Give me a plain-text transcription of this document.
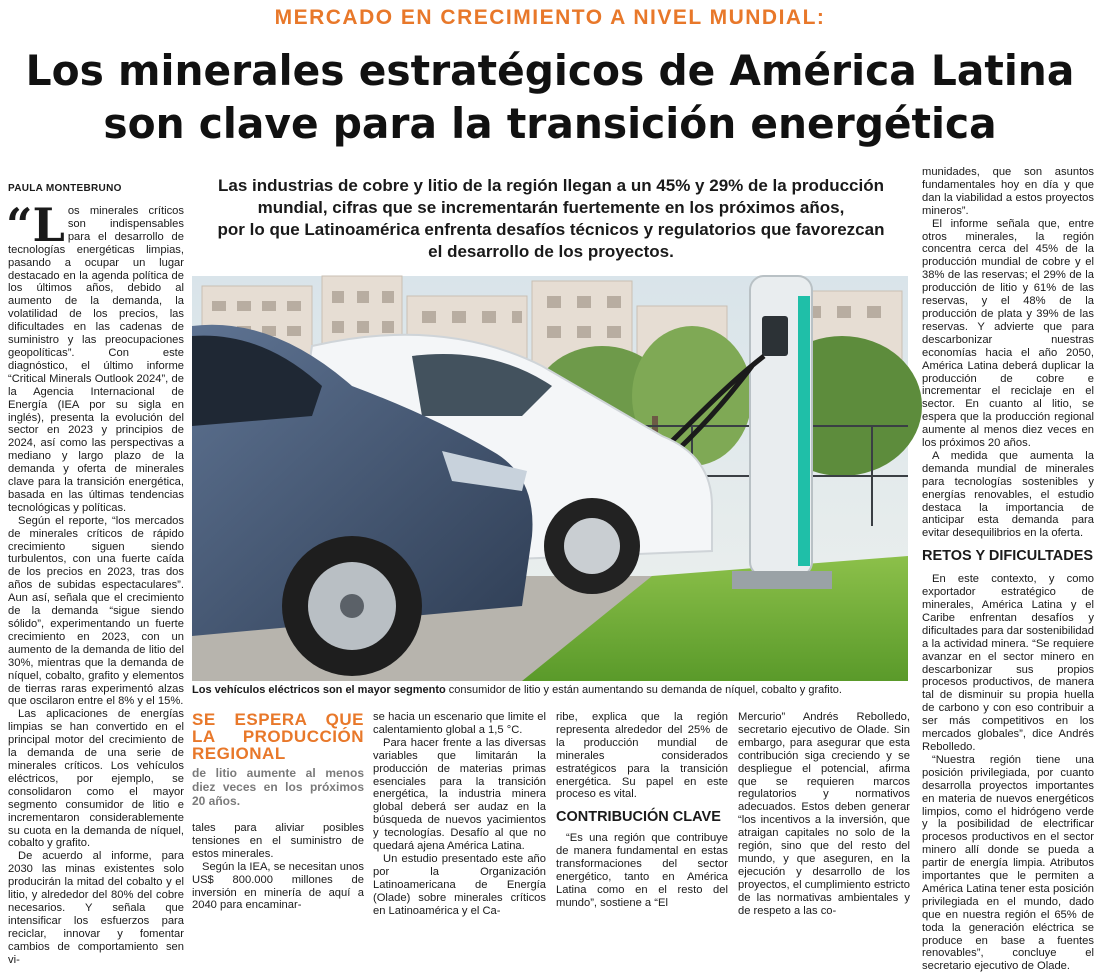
MERCADO EN CRECIMIENTO A NIVEL MUNDIAL:
Los minerales estratégicos de América Latina
son clave para la transición energética
PAULA MONTEBRUNO	Las industrias de cobre y litio de la región llegan a un 45% y 29% de la producción
mundial, cifras que se incrementarán fuertemente en los próximos años,
por lo que Latinoamérica enfrenta desafíos técnicos y regulatorios que favorezcan
el desarrollo de los proyectos.

“Los minerales críticos son indispensables para el desarrollo de tecnologías energéticas limpias, pasando a ocupar un lugar destacado en la agenda política de los últimos años, debido al aumento de la demanda, la volatilidad de los precios, las dificultades en las cadenas de suministro y las preocupaciones geopolíticas”. Con este diagnóstico, el último informe “Critical Minerals Outlook 2024”, de la Agencia Internacional de Energía (IEA por su sigla en inglés), presenta la evolución del sector en 2023 y principios de 2024, así como las perspectivas a mediano y largo plazo de la demanda y oferta de minerales clave para la transición energética, basada en las últimas tendencias tecnológicas y políticas.

Según el reporte, “los mercados de minerales críticos de rápido crecimiento siguen siendo turbulentos, con una fuerte caída de los precios en 2023, tras dos años de subidas espectaculares”. Aun así, señala que el crecimiento de la demanda “sigue siendo sólido”, experimentando un fuerte crecimiento en 2023, con un aumento de la demanda de litio del 30%, mientras que la demanda de níquel, cobalto, grafito y elementos de tierras raras experimentó alzas que oscilaron entre el 8% y el 15%.

Las aplicaciones de energías limpias se han convertido en el principal motor del crecimiento de la demanda de una serie de minerales críticos. Los vehículos eléctricos, por ejemplo, se consolidaron como el mayor segmento consumidor de litio e incrementaron considerablemente su cuota en la demanda de níquel, cobalto y grafito.

De acuerdo al informe, para 2030 las minas existentes solo producirán la mitad del cobalto y el litio, y alrededor del 80% del cobre necesarios. Y señala que intensificar los esfuerzos para reciclar, innovar y fomentar cambios de comportamiento sen vi-

Los vehículos eléctricos son el mayor segmento consumidor de litio y están aumentando su demanda de níquel, cobalto y grafito.
SE ESPERA QUE LA PRODUCCIÓN REGIONAL
de litio aumente al menos diez veces en los próximos 20 años.

tales para aliviar posibles tensiones en el suministro de estos minerales.

Según la IEA, se necesitan unos US$ 800.000 millones de inversión en minería de aquí a 2040 para encaminar-

se hacia un escenario que limite el calentamiento global a 1,5 °C.

Para hacer frente a las diversas variables que limitarán la producción de materias primas esenciales para la transición energética, la industria minera global deberá ser audaz en la búsqueda de nuevos yacimientos y tecnologías. Desafío al que no quedará ajena América Latina.

Un estudio presentado este año por la Organización Latinoamericana de Energía (Olade) sobre minerales críticos en Latinoamérica y el Ca-

ribe, explica que la región representa alrededor del 25% de la producción mundial de minerales considerados estratégicos para la transición energética. Su papel en este proceso es vital.

CONTRIBUCIÓN CLAVE

“Es una región que contribuye de manera fundamental en estas transformaciones del sector energético, tanto en América Latina como en el resto del mundo”, sostiene a “El

Mercurio” Andrés Rebolledo, secretario ejecutivo de Olade. Sin embargo, para asegurar que esta contribución siga creciendo y se despliegue el potencial, afirma que se requieren marcos regulatorios y normativos adecuados. Estos deben generar “los incentivos a la inversión, que atraigan capitales no solo de la región, sino que del resto del mundo, y que aseguren, en la ejecución y desarrollo de los proyectos, el cumplimiento estricto de las normativas ambientales y de respeto a las co-

munidades, que son asuntos fundamentales hoy en día y que dan la viabilidad a estos proyectos mineros”.

El informe señala que, entre otros minerales, la región concentra cerca del 45% de la producción mundial de cobre y el 38% de las reservas; el 29% de la producción de litio y 61% de las reservas, y el 48% de la producción de plata y 39% de las reservas. Y advierte que para descarbonizar nuestras economías hacia el año 2050, América Latina deberá duplicar la producción de cobre e incrementar el reciclaje en el sector. En cuanto al litio, se espera que la producción regional aumente al menos diez veces en los próximos 20 años.

A medida que aumenta la demanda mundial de minerales para tecnologías sostenibles y energías renovables, el estudio destaca la importancia de anticipar esta demanda para evitar desequilibrios en la oferta.

RETOS Y DIFICULTADES

En este contexto, y como exportador estratégico de minerales, América Latina y el Caribe enfrentan desafíos y dificultades para dar sostenibilidad a la actividad minera. “Se requiere avanzar en el sector minero en descarbonizar sus propios procesos productivos, de manera tal de disminuir su propia huella de carbono y con eso contribuir a ser más competitivos en los mercados globales”, dice Andrés Rebolledo.

“Nuestra región tiene una posición privilegiada, por cuanto desarrolla proyectos importantes en materia de nuevos energéticos limpios, como el hidrógeno verde y la posibilidad de electrificar procesos productivos en el sector minero allí donde se pueda a partir de energía limpia. Atributos importantes que le permiten a América Latina tener esta posición privilegiada en el mundo, dado que en nuestra región el 65% de toda la generación eléctrica se produce en base a fuentes renovables”, concluye el secretario ejecutivo de Olade.
